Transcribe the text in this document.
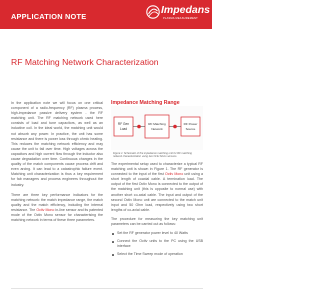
APPLICATION NOTE
Impedans
PLASMA MEASUREMENT
RF Matching Network Characterization

In the application note we will focus on one critical component of a radio-frequency (RF) plasma process, high-impedance passive delivery system - the RF matching unit. The RF matching network used here consists of load and tune capacitors, as well as an inductive coil. In the ideal world, the matching unit would not absorb any power. In practice, the unit has some resistance and there is power loss through ohmic heating. This reduces the matching network efficiency and may cause the unit to fail over time. High voltages across the capacitors and high current flow through the inductor also cause degradation over time. Continuous changes in the quality of the match components cause process drift and even arcing. It can lead to a catastrophic failure event. Matching unit characterization is thus a key requirement for fab managers and process engineers throughout the industry.

There are three key performance indicators for the matching network: the match impedance range, the match quality and the match efficiency, including the internal resistance. The Octiv Mono in-line sensor and its patented mode of the Octiv Mono sensor for characterising the matching network in terms of these three parameters.

Impedance Matching Range
RF Gen
Load
RF Matching
Network
RF Power
Source
Figure 1: Schematic of the impedance matching unit for RF matching network characterization using two Octiv Mono sensors.

The experimental setup used to characterize a typical RF matching unit is shown in Figure 1. The RF generator is connected to the input of the first Octiv Mono unit using a short length of coaxial cable. A termination load. The output of the first Octiv Mono is connected to the output of the matching unit (this is opposite to normal use) with another short co-axial cable. The input and output of the second Octiv Mono unit are connected to the match unit input and 50 Ohm load, respectively using two short lengths of co-axial cable.

The procedure for measuring the key matching unit parameters can be carried out as follows:

Set the RF generator power level to 40 Watts
Connect the Octiv units to the PC using the USB interface
Select the Time Sweep mode of operation
